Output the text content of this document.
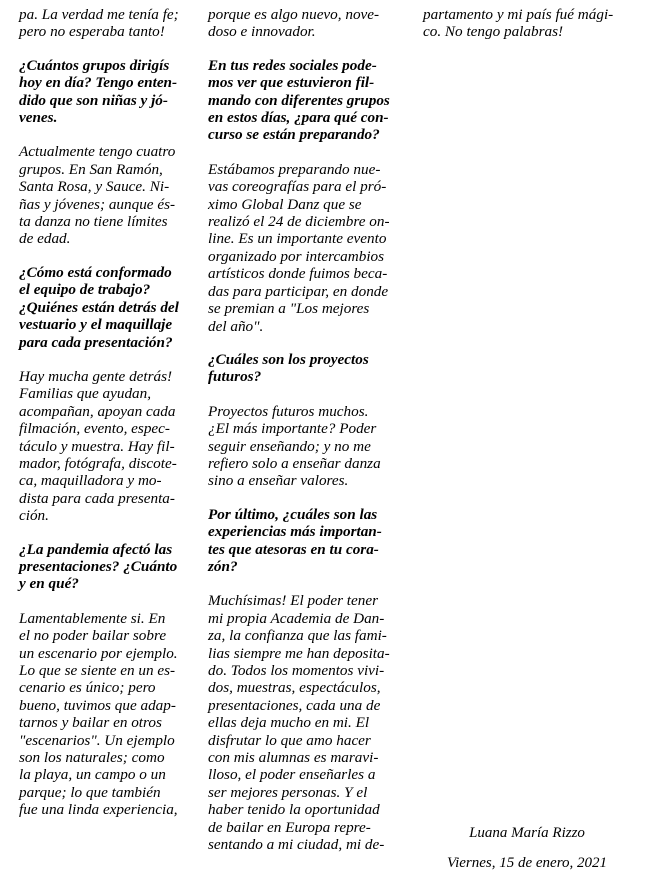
pa. La verdad me tenía fe;
pero no esperaba tanto!

¿Cuántos grupos dirigís
hoy en día? Tengo enten-
dido que son niñas y jó-
venes.

Actualmente tengo cuatro
grupos. En San Ramón,
Santa Rosa, y Sauce. Ni-
ñas y jóvenes; aunque és-
ta danza no tiene límites
de edad.

¿Cómo está conformado
el equipo de trabajo?
¿Quiénes están detrás del
vestuario y el maquillaje
para cada presentación?

Hay mucha gente detrás!
Familias que ayudan,
acompañan, apoyan cada
filmación, evento, espec-
táculo y muestra. Hay fil-
mador, fotógrafa, discote-
ca, maquilladora y mo-
dista para cada presenta-
ción.

¿La pandemia afectó las
presentaciones? ¿Cuánto
y en qué?

Lamentablemente si. En
el no poder bailar sobre
un escenario por ejemplo.
Lo que se siente en un es-
cenario es único; pero
bueno, tuvimos que adap-
tarnos y bailar en otros
"escenarios". Un ejemplo
son los naturales; como
la playa, un campo o un
parque; lo que también
fue una linda experiencia,

porque es algo nuevo, nove-
doso e innovador.

En tus redes sociales pode-
mos ver que estuvieron fil-
mando con diferentes grupos
en estos días, ¿para qué con-
curso se están preparando?

Estábamos preparando nue-
vas coreografías para el pró-
ximo Global Danz que se
realizó el 24 de diciembre on-
line. Es un importante evento
organizado por intercambios
artísticos donde fuimos beca-
das para participar, en donde
se premian a "Los mejores
del año".

¿Cuáles son los proyectos
futuros?

Proyectos futuros muchos.
¿El más importante? Poder
seguir enseñando; y no me
refiero solo a enseñar danza
sino a enseñar valores.

Por último, ¿cuáles son las
experiencias más importan-
tes que atesoras en tu cora-
zón?

Muchísimas! El poder tener
mi propia Academia de Dan-
za, la confianza que las fami-
lias siempre me han deposita-
do. Todos los momentos vivi-
dos, muestras, espectáculos,
presentaciones, cada una de
ellas deja mucho en mi. El
disfrutar lo que amo hacer
con mis alumnas es maravi-
lloso, el poder enseñarles a
ser mejores personas. Y el
haber tenido la oportunidad
de bailar en Europa repre-
sentando a mi ciudad, mi de-

partamento y mi país fué mági-
co. No tengo palabras!

Luana María Rizzo

Viernes, 15 de enero, 2021
